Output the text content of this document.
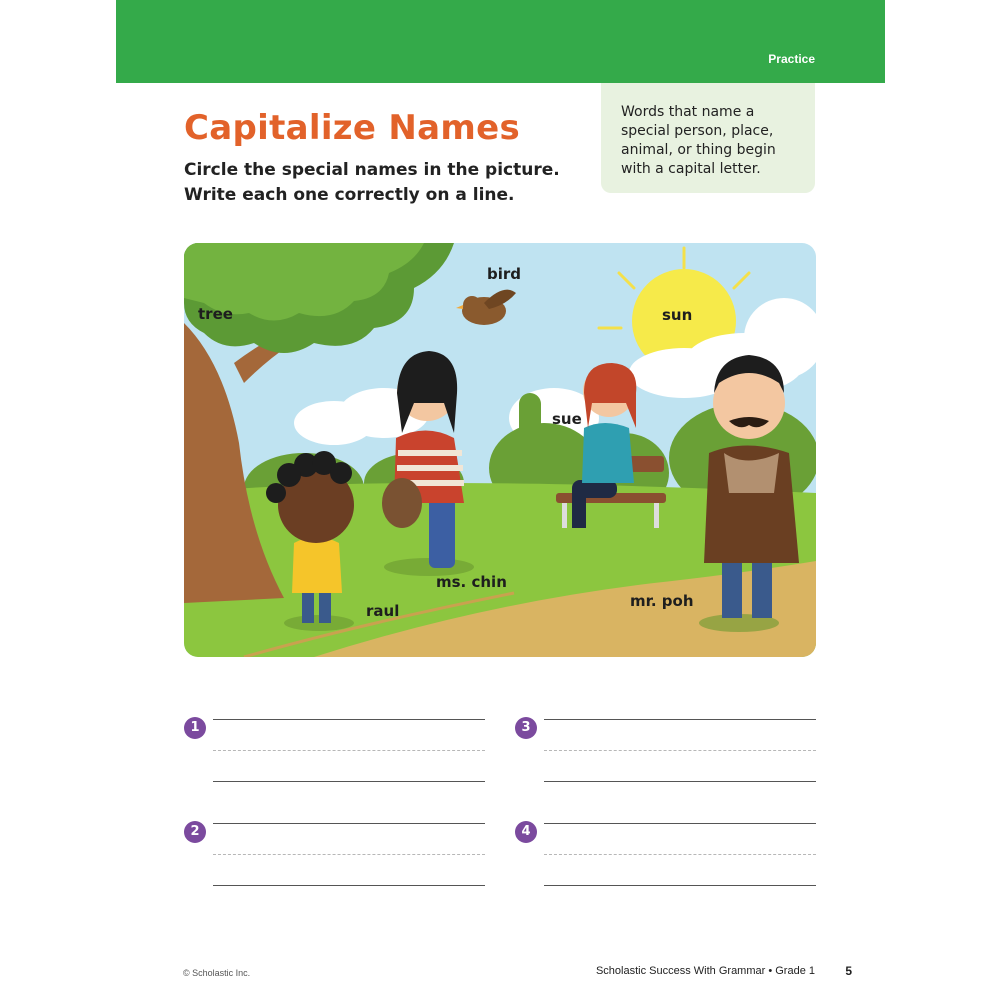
Practice
Words that name a
special person, place,
animal, or thing begin
with a capital letter.
Capitalize Names
Circle the special names in the picture.
Write each one correctly on a line.
tree
bird
sun
sue
ms. chin
raul
mr. poh
1
2
3
4
© Scholastic Inc.	Scholastic Success With Grammar • Grade 1	5
